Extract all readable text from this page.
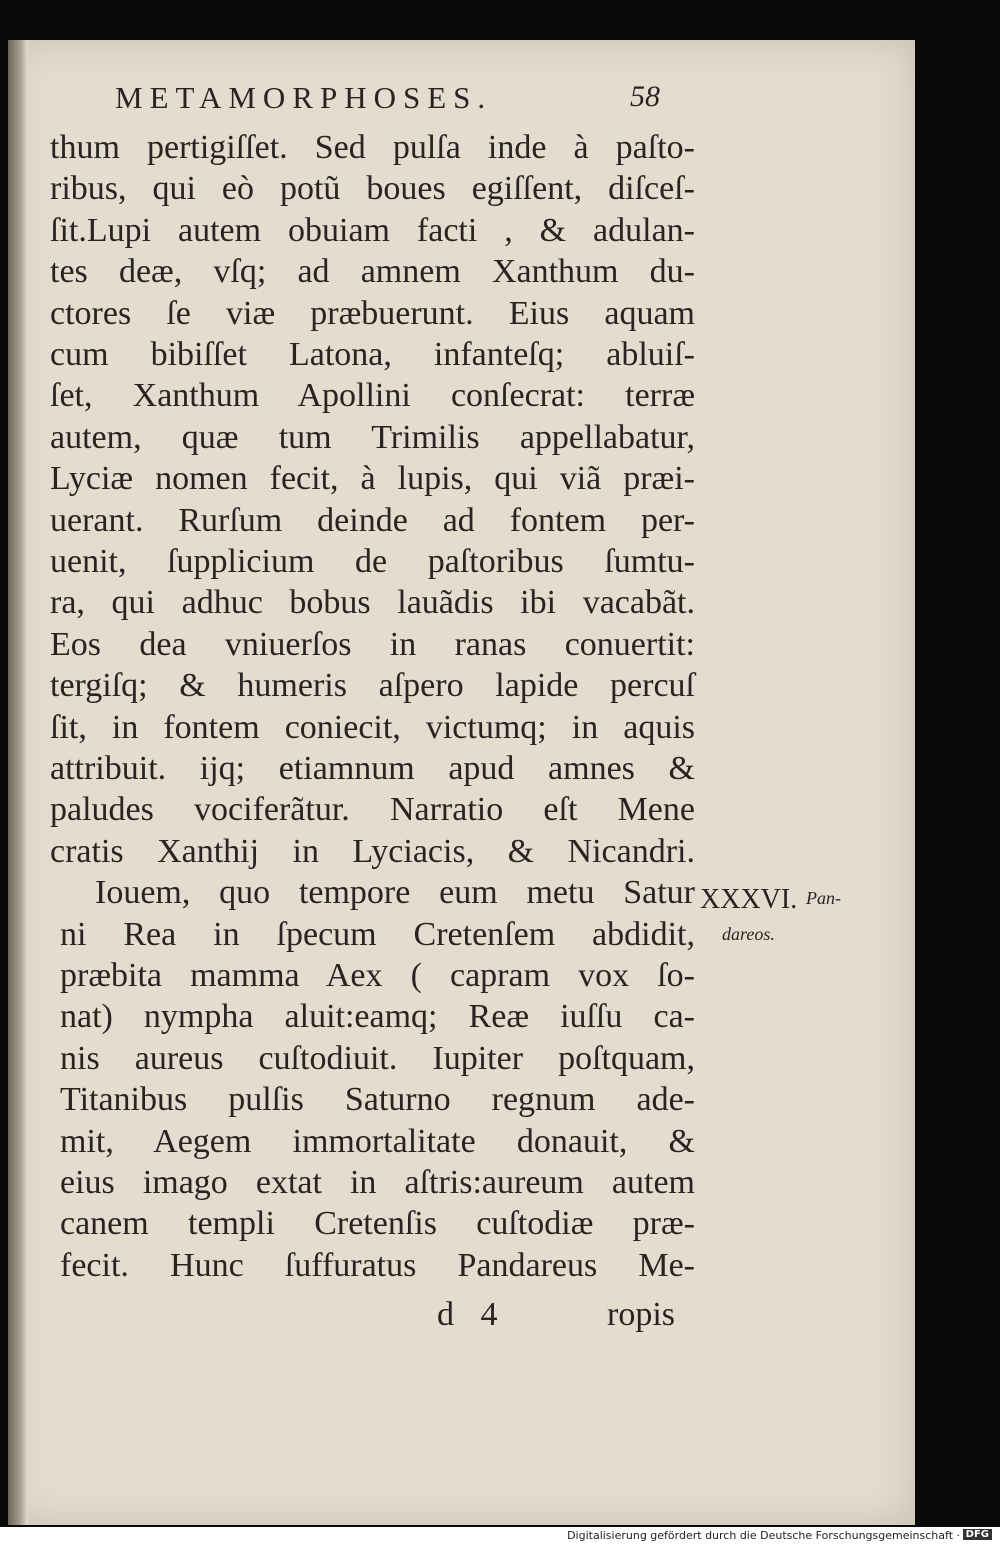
METAMORPHOSES.	58
thum pertigiſſet. Sed pulſa inde à paſto-
ribus, qui eò potũ boues egiſſent, diſceſ-
ſit.Lupi autem obuiam facti , & adulan-
tes deæ, vſq; ad amnem Xanthum du-
ctores ſe viæ præbuerunt. Eius aquam
cum bibiſſet Latona, infanteſq; abluiſ-
ſet, Xanthum Apollini conſecrat: terræ
autem, quæ tum Trimilis appellabatur,
Lyciæ nomen fecit, à lupis, qui viã præi-
uerant. Rurſum deinde ad fontem per-
uenit, ſupplicium de paſtoribus ſumtu-
ra, qui adhuc bobus lauãdis ibi vacabãt.
Eos dea vniuerſos in ranas conuertit:
tergiſq; & humeris aſpero lapide percuſ
ſit, in fontem coniecit, victumq; in aquis
attribuit. ijq; etiamnum apud amnes &
paludes vociferãtur. Narratio eſt Mene
cratis Xanthij in Lyciacis, & Nicandri.
Iouem, quo tempore eum metu Satur
ni Rea in ſpecum Cretenſem abdidit,
præbita mamma Aex ( capram vox ſo-
nat) nympha aluit:eamq; Reæ iuſſu ca-
nis aureus cuſtodiuit. Iupiter poſtquam,
Titanibus pulſis Saturno regnum ade-
mit, Aegem immortalitate donauit, &
eius imago extat in aſtris:aureum autem
canem templi Cretenſis cuſtodiæ præ-
fecit. Hunc ſuffuratus Pandareus Me-
XXXVI. Pan-
dareos.
d 4	ropis
Digitalisierung gefördert durch die Deutsche Forschungsgemeinschaft · DFG
